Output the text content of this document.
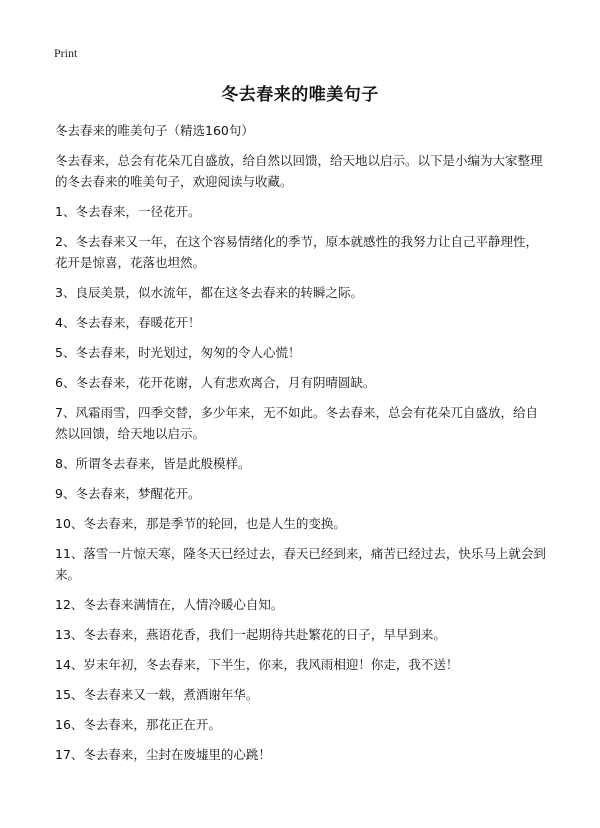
Print
冬去春来的唯美句子
冬去春来的唯美句子（精选160句）

冬去春来，总会有花朵兀自盛放，给自然以回馈，给天地以启示。以下是小编为大家整理的冬去春来的唯美句子，欢迎阅读与收藏。

1、冬去春来，一径花开。

2、冬去春来又一年，在这个容易情绪化的季节，原本就感性的我努力让自己平静理性，花开是惊喜，花落也坦然。

3、良辰美景，似水流年，都在这冬去春来的转瞬之际。

4、冬去春来，春暖花开！

5、冬去春来，时光划过，匆匆的令人心慌！

6、冬去春来，花开花谢，人有悲欢离合，月有阴晴圆缺。

7、风霜雨雪，四季交替，多少年来，无不如此。冬去春来，总会有花朵兀自盛放，给自然以回馈，给天地以启示。

8、所谓冬去春来，皆是此般模样。

9、冬去春来，梦醒花开。

10、冬去春来，那是季节的轮回，也是人生的变换。

11、落雪一片惊天寒，隆冬天已经过去，春天已经到来，痛苦已经过去，快乐马上就会到来。

12、冬去春来满情在，人情冷暖心自知。

13、冬去春来，燕语花香，我们一起期待共赴繁花的日子，早早到来。

14、岁末年初，冬去春来，下半生，你来，我风雨相迎！你走，我不送！

15、冬去春来又一载，煮酒谢年华。

16、冬去春来，那花正在开。

17、冬去春来，尘封在废墟里的心跳！
